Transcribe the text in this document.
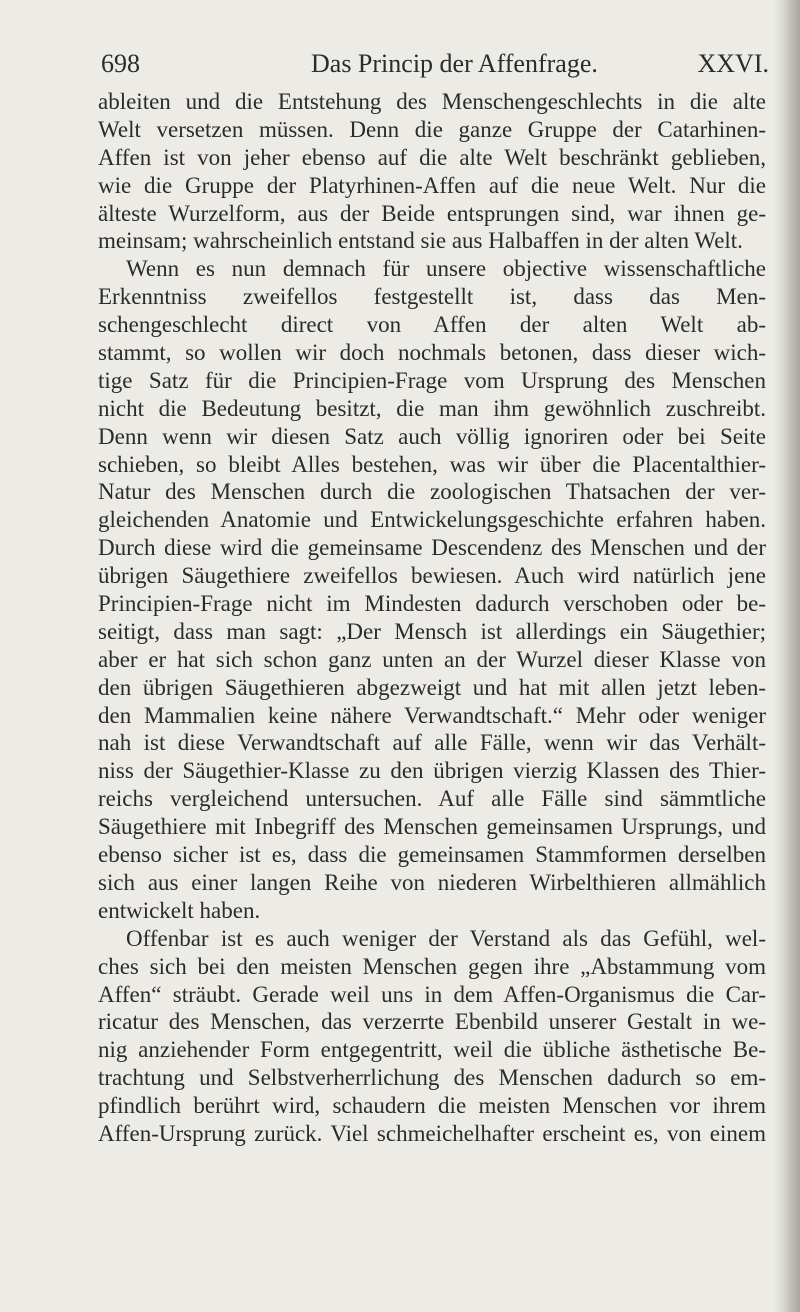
698	Das Princip der Affenfrage.	XXVI.
ableiten und die Entstehung des Menschengeschlechts in die alte
Welt versetzen müssen. Denn die ganze Gruppe der Catarhinen-
Affen ist von jeher ebenso auf die alte Welt beschränkt geblieben,
wie die Gruppe der Platyrhinen-Affen auf die neue Welt. Nur die
älteste Wurzelform, aus der Beide entsprungen sind, war ihnen ge-
meinsam; wahrscheinlich entstand sie aus Halbaffen in der alten Welt.
Wenn es nun demnach für unsere objective wissenschaftliche
Erkenntniss zweifellos festgestellt ist, dass das Men-
schengeschlecht direct von Affen der alten Welt ab-
stammt, so wollen wir doch nochmals betonen, dass dieser wich-
tige Satz für die Principien-Frage vom Ursprung des Menschen
nicht die Bedeutung besitzt, die man ihm gewöhnlich zuschreibt.
Denn wenn wir diesen Satz auch völlig ignoriren oder bei Seite
schieben, so bleibt Alles bestehen, was wir über die Placentalthier-
Natur des Menschen durch die zoologischen Thatsachen der ver-
gleichenden Anatomie und Entwickelungsgeschichte erfahren haben.
Durch diese wird die gemeinsame Descendenz des Menschen und der
übrigen Säugethiere zweifellos bewiesen. Auch wird natürlich jene
Principien-Frage nicht im Mindesten dadurch verschoben oder be-
seitigt, dass man sagt: „Der Mensch ist allerdings ein Säugethier;
aber er hat sich schon ganz unten an der Wurzel dieser Klasse von
den übrigen Säugethieren abgezweigt und hat mit allen jetzt leben-
den Mammalien keine nähere Verwandtschaft.“ Mehr oder weniger
nah ist diese Verwandtschaft auf alle Fälle, wenn wir das Verhält-
niss der Säugethier-Klasse zu den übrigen vierzig Klassen des Thier-
reichs vergleichend untersuchen. Auf alle Fälle sind sämmtliche
Säugethiere mit Inbegriff des Menschen gemeinsamen Ursprungs, und
ebenso sicher ist es, dass die gemeinsamen Stammformen derselben
sich aus einer langen Reihe von niederen Wirbelthieren allmählich
entwickelt haben.
Offenbar ist es auch weniger der Verstand als das Gefühl, wel-
ches sich bei den meisten Menschen gegen ihre „Abstammung vom
Affen“ sträubt. Gerade weil uns in dem Affen-Organismus die Car-
ricatur des Menschen, das verzerrte Ebenbild unserer Gestalt in we-
nig anziehender Form entgegentritt, weil die übliche ästhetische Be-
trachtung und Selbstverherrlichung des Menschen dadurch so em-
pfindlich berührt wird, schaudern die meisten Menschen vor ihrem
Affen-Ursprung zurück. Viel schmeichelhafter erscheint es, von einem
